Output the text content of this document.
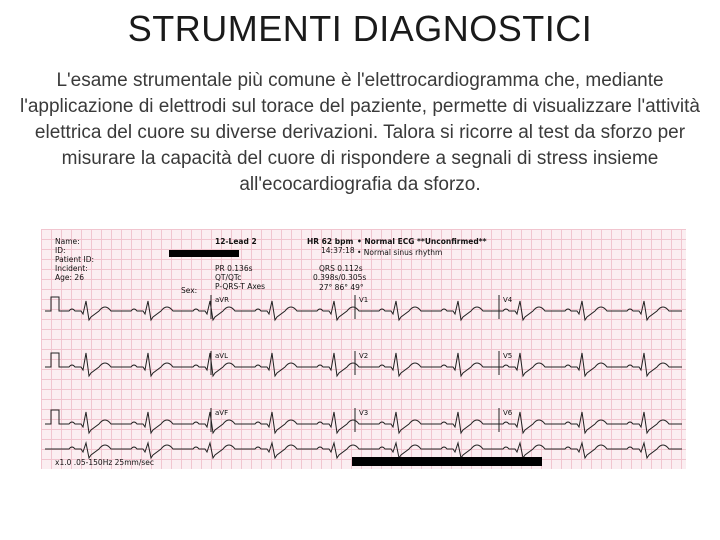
STRUMENTI DIAGNOSTICI
L'esame strumentale più comune è l'elettrocardiogramma che, mediante l'applicazione di elettrodi sul torace del paziente, permette di visualizzare l'attività elettrica del cuore su diverse derivazioni. Talora si ricorre al test da sforzo per misurare la capacità del cuore di rispondere a segnali di stress insieme all'ecocardiografia da sforzo.
Name:
ID:
Patient ID:
Incident:
Age: 26
Sex:
12-Lead 2
PR 0.136s
QT/QTc
P-QRS-T Axes
HR 62 bpm
14:37:18
QRS 0.112s
0.398s/0.305s
27° 86° 49°
• Normal ECG **Unconfirmed**
• Normal sinus rhythm
aVR	V1	V4
aVL	V2	V5
aVF	V3	V6
x1.0 .05-150Hz 25mm/sec
